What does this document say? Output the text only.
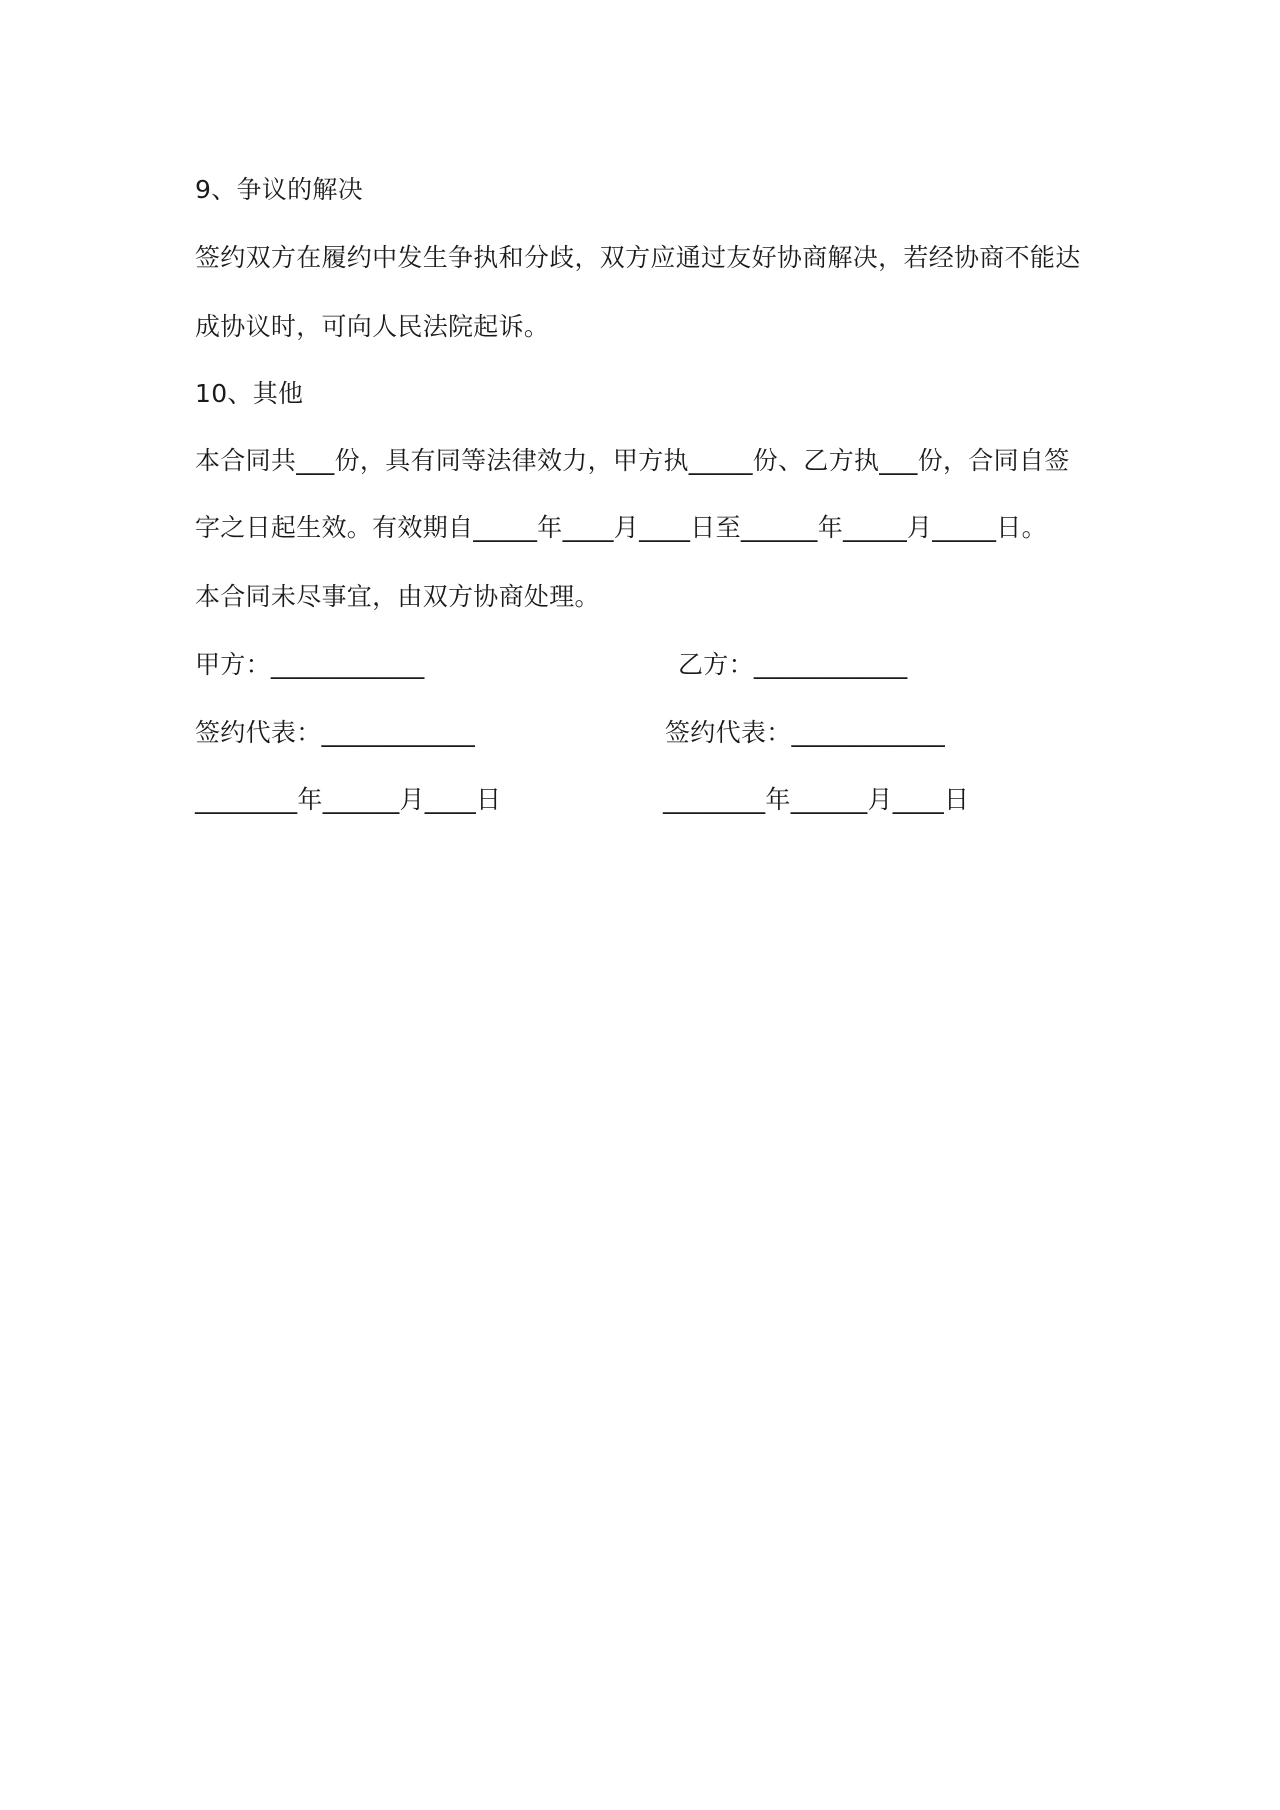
9、争议的解决
签约双方在履约中发生争执和分歧，双方应通过友好协商解决，若经协商不能达
成协议时，可向人民法院起诉。
10、其他
本合同共___份，具有同等法律效力，甲方执_____份、乙方执___份，合同自签
字之日起生效。有效期自_____年____月____日至______年_____月_____日。
本合同未尽事宜，由双方协商处理。
甲方：____________	乙方：____________
签约代表：____________	签约代表：____________
________年______月____日	________年______月____日
